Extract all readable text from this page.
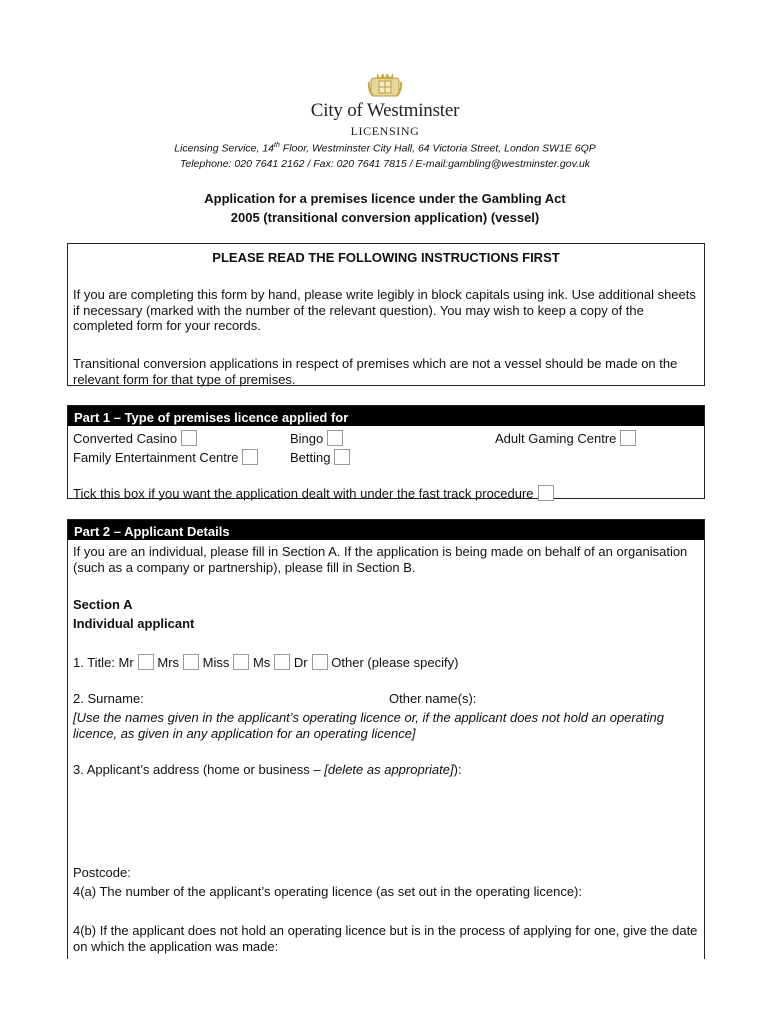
City of Westminster
LICENSING
Licensing Service, 14th Floor, Westminster City Hall, 64 Victoria Street, London SW1E 6QP
Telephone: 020 7641 2162 / Fax: 020 7641 7815 / E-mail:gambling@westminster.gov.uk
Application for a premises licence under the Gambling Act
2005 (transitional conversion application) (vessel)
PLEASE READ THE FOLLOWING INSTRUCTIONS FIRST
If you are completing this form by hand, please write legibly in block capitals using ink. Use additional sheets if necessary (marked with the number of the relevant question). You may wish to keep a copy of the completed form for your records.
Transitional conversion applications in respect of premises which are not a vessel should be made on the relevant form for that type of premises.
Part 1 – Type of premises licence applied for
Converted Casino	Bingo	Adult Gaming Centre
Family Entertainment Centre	Betting
Tick this box if you want the application dealt with under the fast track procedure
Part 2 – Applicant Details
If you are an individual, please fill in Section A. If the application is being made on behalf of an organisation (such as a company or partnership), please fill in Section B.
Section A
Individual applicant
1. Title: Mr Mrs Miss Ms Dr Other (please specify)
2. Surname:	Other name(s):
[Use the names given in the applicant’s operating licence or, if the applicant does not hold an operating licence, as given in any application for an operating licence]
3. Applicant’s address (home or business – [delete as appropriate]):
Postcode:
4(a) The number of the applicant’s operating licence (as set out in the operating licence):
4(b) If the applicant does not hold an operating licence but is in the process of applying for one, give the date on which the application was made:
